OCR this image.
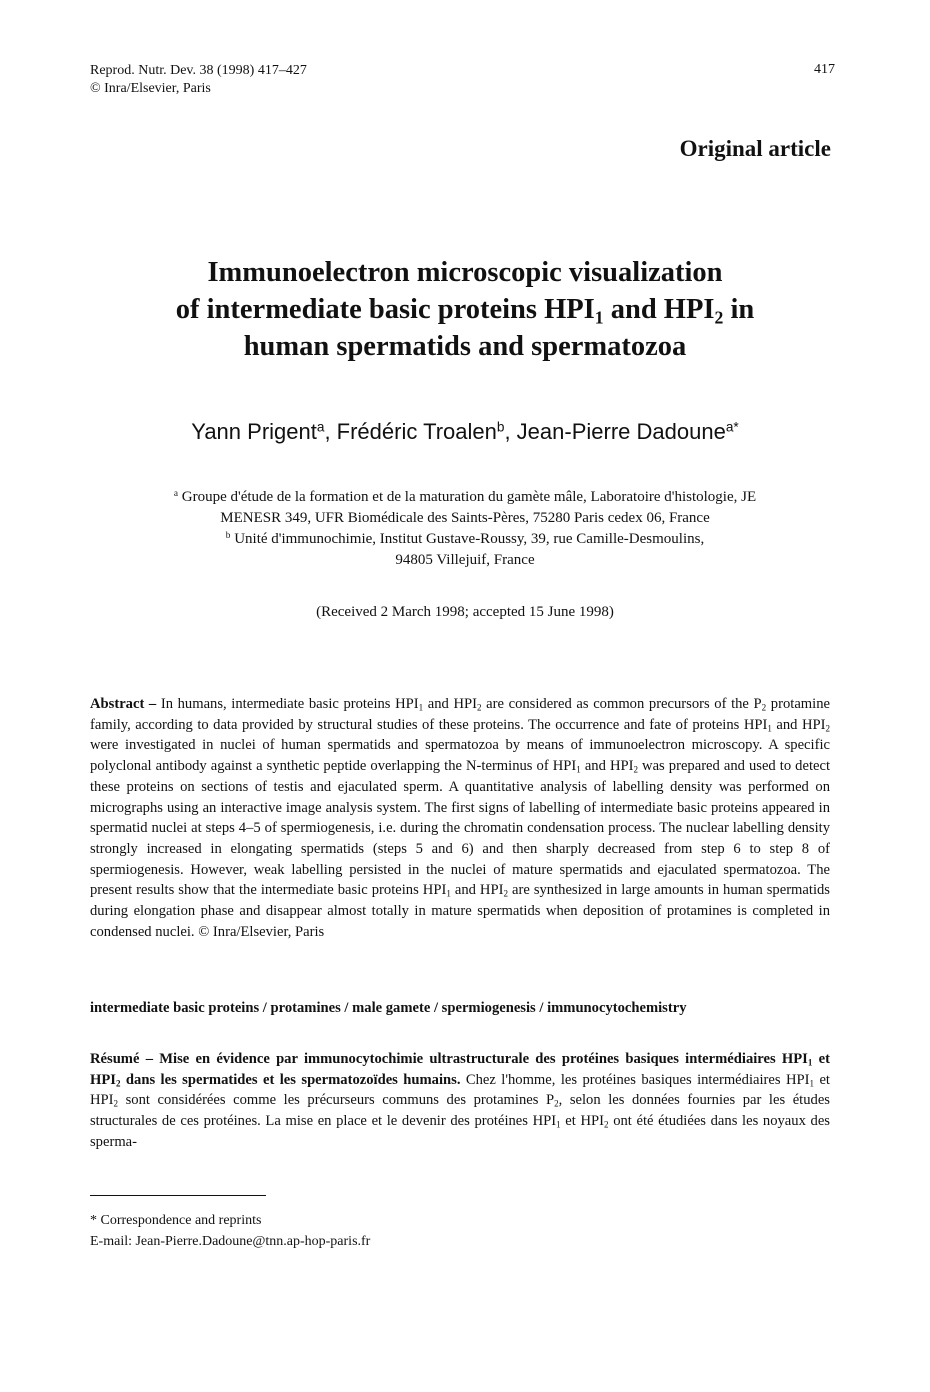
Reprod. Nutr. Dev. 38 (1998) 417–427
© Inra/Elsevier, Paris
417
Original article
Immunoelectron microscopic visualization
of intermediate basic proteins $HPI_1$ and $HPI_2$ in
human spermatids and spermatozoa
Yann Prigent$^a$, Frédéric Troalen$^b$, Jean-Pierre Dadoune$^{a*}$
$^a$ Groupe d'étude de la formation et de la maturation du gamète mâle, Laboratoire d'histologie, JE
MENESR 349, UFR Biomédicale des Saints-Pères, 75280 Paris cedex 06, France
$^b$ Unité d'immunochimie, Institut Gustave-Roussy, 39, rue Camille-Desmoulins,
94805 Villejuif, France
(Received 2 March 1998; accepted 15 June 1998)

Abstract – In humans, intermediate basic proteins $HPI_1$ and $HPI_2$ are considered as common precursors of the $P_2$ protamine family, according to data provided by structural studies of these proteins. The occurrence and fate of proteins $HPI_1$ and $HPI_2$ were investigated in nuclei of human spermatids and spermatozoa by means of immunoelectron microscopy. A specific polyclonal antibody against a synthetic peptide overlapping the N-terminus of $HPI_1$ and $HPI_2$ was prepared and used to detect these proteins on sections of testis and ejaculated sperm. A quantitative analysis of labelling density was performed on micrographs using an interactive image analysis system. The first signs of labelling of intermediate basic proteins appeared in spermatid nuclei at steps 4–5 of spermiogenesis, i.e. during the chromatin condensation process. The nuclear labelling density strongly increased in elongating spermatids (steps 5 and 6) and then sharply decreased from step 6 to step 8 of spermiogenesis. However, weak labelling persisted in the nuclei of mature spermatids and ejaculated spermatozoa. The present results show that the intermediate basic proteins $HPI_1$ and $HPI_2$ are synthesized in large amounts in human spermatids during elongation phase and disappear almost totally in mature spermatids when deposition of protamines is completed in condensed nuclei. © Inra/Elsevier, Paris

intermediate basic proteins / protamines / male gamete / spermiogenesis / immunocytochemistry

Résumé – Mise en évidence par immunocytochimie ultrastructurale des protéines basiques intermédiaires $HPI_1$ et $HPI_2$ dans les spermatides et les spermatozoïdes humains. Chez l'homme, les protéines basiques intermédiaires $HPI_1$ et $HPI_2$ sont considérées comme les précurseurs communs des protamines $P_2$, selon les données fournies par les études structurales de ces protéines. La mise en place et le devenir des protéines $HPI_1$ et $HPI_2$ ont été étudiées dans les noyaux des sperma-

* Correspondence and reprints
E-mail: Jean-Pierre.Dadoune@tnn.ap-hop-paris.fr
